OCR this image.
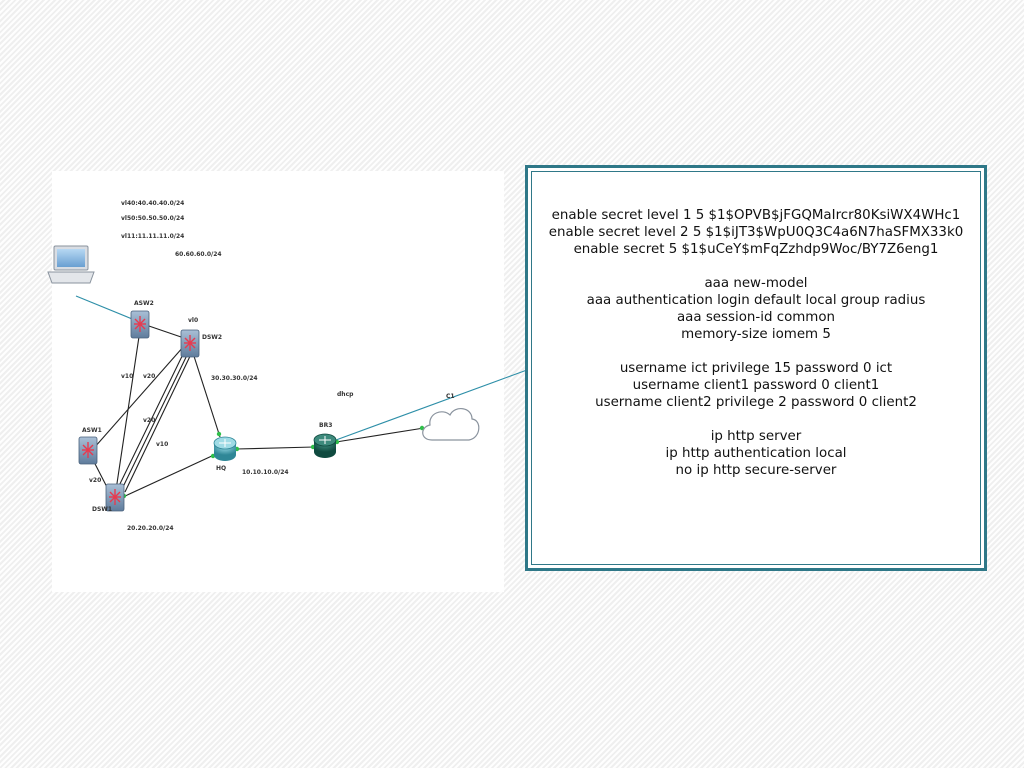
vl40:40.40.40.0/24
vl50:50.50.50.0/24
vl11:11.11.11.0/24
60.60.60.0/24
30.30.30.0/24
10.10.10.0/24
20.20.20.0/24
ASW2
DSW2
ASW1
DSW1
HQ
BR3
C1
vl0
v10 v20
v20
v10
v20
dhcp
enable secret level 1 5 $1$OPVB$jFGQMaIrcr80KsiWX4WHc1
enable secret level 2 5 $1$iJT3$WpU0Q3C4a6N7haSFMX33k0
enable secret 5 $1$uCeY$mFqZzhdp9Woc/BY7Z6eng1
aaa new-model
aaa authentication login default local group radius
aaa session-id common
memory-size iomem 5
username ict privilege 15 password 0 ict
username client1 password 0 client1
username client2 privilege 2 password 0 client2
ip http server
ip http authentication local
no ip http secure-server
